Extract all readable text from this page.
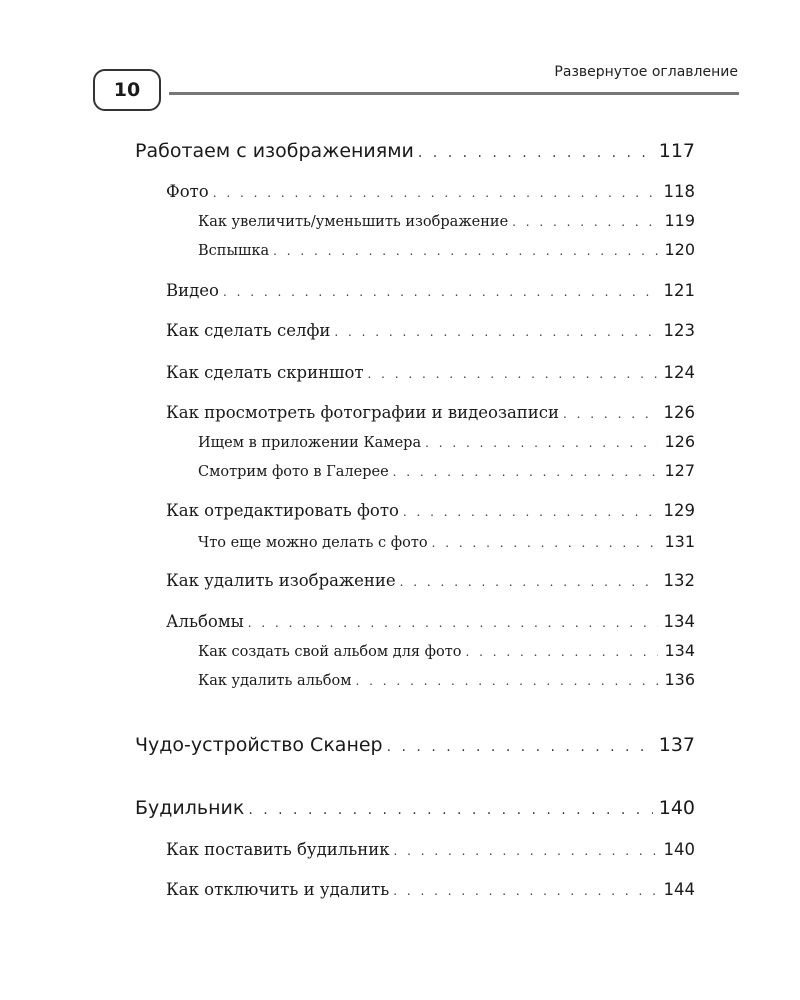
10
Развернутое оглавление
Работаем с изображениями . . .	117
Фото . . .	118
Как увеличить/уменьшить изображение . . .	119
Вспышка . . .	120
Видео . . .	121
Как сделать селфи . . .	123
Как сделать скриншот . . .	124
Как просмотреть фотографии и видеозаписи . . .	126
Ищем в приложении Камера . . .	126
Смотрим фото в Галерее . . .	127
Как отредактировать фото . . .	129
Что еще можно делать с фото . . .	131
Как удалить изображение . . .	132
Альбомы . . .	134
Как создать свой альбом для фото . . .	134
Как удалить альбом . . .	136
Чудо-устройство Сканер . . .	137
Будильник . . .	140
Как поставить будильник . . .	140
Как отключить и удалить . . .	144
